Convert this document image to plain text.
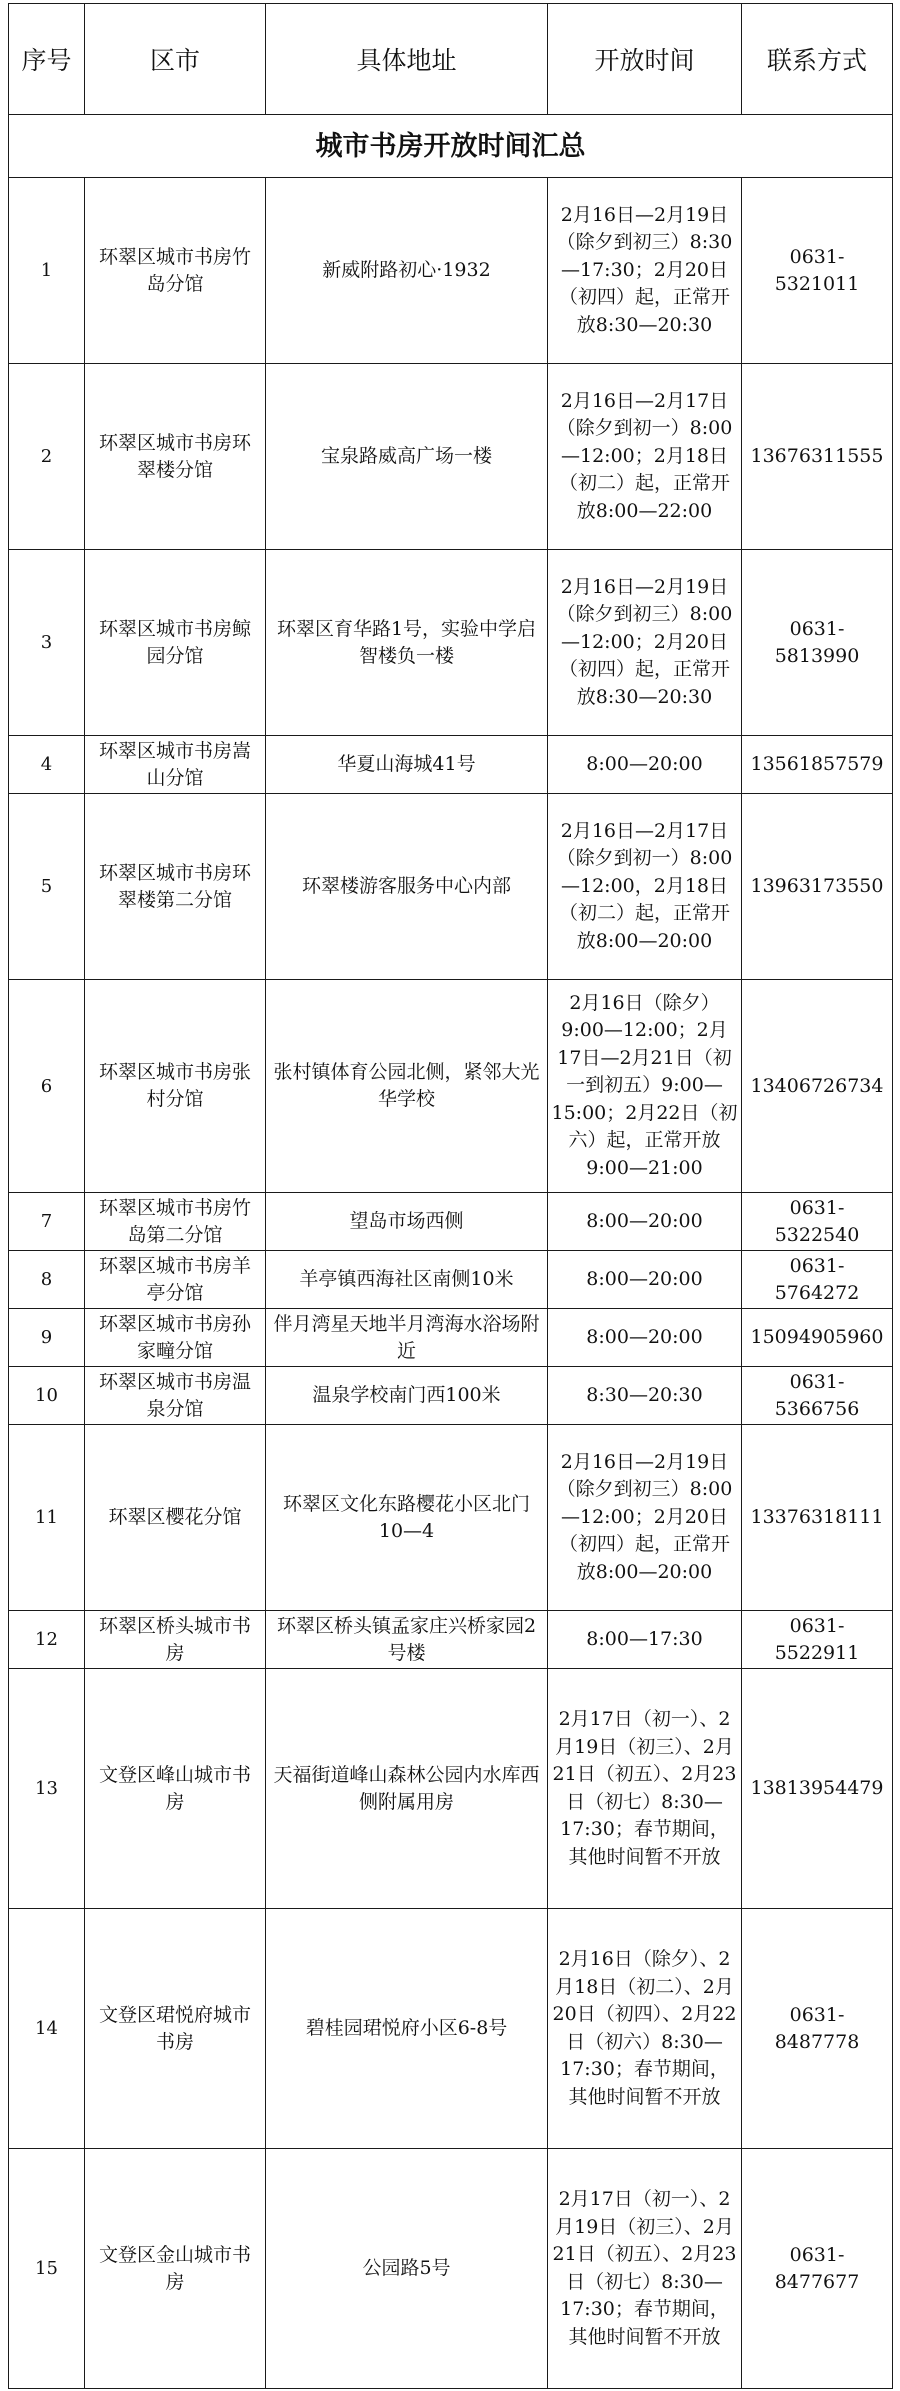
城市书房开放时间汇总				
序号	区市	具体地址	开放时间	联系方式
1	环翠区城市书房竹岛分馆	新威附路初心·1932	2月16日—2月19日（除夕到初三）8:30—17:30；2月20日（初四）起，正常开放8:30—20:30	0631-5321011
2	环翠区城市书房环翠楼分馆	宝泉路威高广场一楼	2月16日—2月17日（除夕到初一）8:00—12:00；2月18日（初二）起，正常开放8:00—22:00	13676311555
3	环翠区城市书房鲸园分馆	环翠区育华路1号，实验中学启智楼负一楼	2月16日—2月19日（除夕到初三）8:00—12:00；2月20日（初四）起，正常开放8:30—20:30	0631-5813990
4	环翠区城市书房嵩山分馆	华夏山海城41号	8:00—20:00	13561857579
5	环翠区城市书房环翠楼第二分馆	环翠楼游客服务中心内部	2月16日—2月17日（除夕到初一）8:00—12:00，2月18日（初二）起，正常开放8:00—20:00	13963173550
6	环翠区城市书房张村分馆	张村镇体育公园北侧，紧邻大光华学校	2月16日（除夕）9:00—12:00；2月17日—2月21日（初一到初五）9:00—15:00；2月22日（初六）起，正常开放9:00—21:00	13406726734
7	环翠区城市书房竹岛第二分馆	望岛市场西侧	8:00—20:00	0631-5322540
8	环翠区城市书房羊亭分馆	羊亭镇西海社区南侧10米	8:00—20:00	0631-5764272
9	环翠区城市书房孙家疃分馆	伴月湾星天地半月湾海水浴场附近	8:00—20:00	15094905960
10	环翠区城市书房温泉分馆	温泉学校南门西100米	8:30—20:30	0631-5366756
11	环翠区樱花分馆	环翠区文化东路樱花小区北门10—4	2月16日—2月19日（除夕到初三）8:00—12:00；2月20日（初四）起，正常开放8:00—20:00	13376318111
12	环翠区桥头城市书房	环翠区桥头镇孟家庄兴桥家园2号楼	8:00—17:30	0631-5522911
13	文登区峰山城市书房	天福街道峰山森林公园内水库西侧附属用房	2月17日（初一）、2月19日（初三）、2月21日（初五）、2月23日（初七）8:30—17:30；春节期间，其他时间暂不开放	13813954479
14	文登区珺悦府城市书房	碧桂园珺悦府小区6-8号	2月16日（除夕）、2月18日（初二）、2月20日（初四）、2月22日（初六）8:30—17:30；春节期间，其他时间暂不开放	0631-8487778
15	文登区金山城市书房	公园路5号	2月17日（初一）、2月19日（初三）、2月21日（初五）、2月23日（初七）8:30—17:30；春节期间，其他时间暂不开放	0631-8477677
